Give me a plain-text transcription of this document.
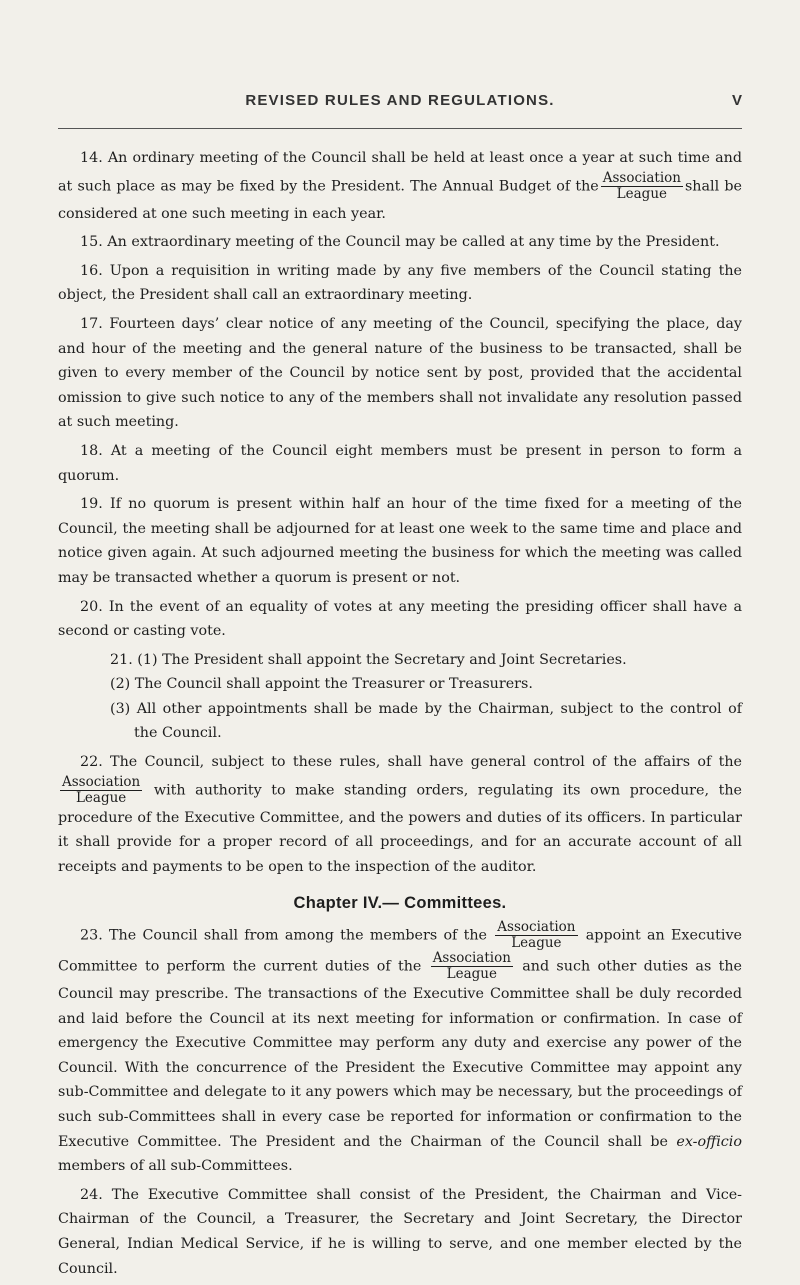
REVISED RULES AND REGULATIONS.	V

14. An ordinary meeting of the Council shall be held at least once a year at such time and at such place as may be fixed by the President. The Annual Budget of the $\frac{\text{Association}}{\text{League}}$ shall be considered at one such meeting in each year.

15. An extraordinary meeting of the Council may be called at any time by the President.

16. Upon a requisition in writing made by any five members of the Council stating the object, the President shall call an extraordinary meeting.

17. Fourteen days’ clear notice of any meeting of the Council, specifying the place, day and hour of the meeting and the general nature of the business to be transacted, shall be given to every member of the Council by notice sent by post, provided that the accidental omission to give such notice to any of the members shall not invalidate any resolution passed at such meeting.

18. At a meeting of the Council eight members must be present in person to form a quorum.

19. If no quorum is present within half an hour of the time fixed for a meeting of the Council, the meeting shall be adjourned for at least one week to the same time and place and notice given again. At such adjourned meeting the business for which the meeting was called may be transacted whether a quorum is present or not.

20. In the event of an equality of votes at any meeting the presiding officer shall have a second or casting vote.

21. (1) The President shall appoint the Secretary and Joint Secretaries.

(2) The Council shall appoint the Treasurer or Treasurers.

(3) All other appointments shall be made by the Chairman, subject to the control of the Council.

22. The Council, subject to these rules, shall have general control of the affairs of the
$\frac{\text{Association}}{\text{League}}$ with authority to make standing orders, regulating its own procedure, the procedure of the Executive Committee, and the powers and duties of its officers. In particular it shall provide for a proper record of all proceedings, and for an accurate account of all receipts and payments to be open to the inspection of the auditor.

Chapter IV.— Committees.

23. The Council shall from among the members of the $\frac{\text{Association}}{\text{League}}$ appoint an Executive Committee to perform the current duties of the $\frac{\text{Association}}{\text{League}}$ and such other duties as the Council may prescribe. The transactions of the Executive Committee shall be duly recorded and laid before the Council at its next meeting for information or confirmation. In case of emergency the Executive Committee may perform any duty and exercise any power of the Council. With the concurrence of the President the Executive Committee may appoint any sub-Committee and delegate to it any powers which may be necessary, but the proceedings of such sub-Committees shall in every case be reported for information or confirmation to the Executive Committee. The President and the Chairman of the Council shall be ex-officio members of all sub-Committees.

24. The Executive Committee shall consist of the President, the Chairman and Vice-Chairman of the Council, a Treasurer, the Secretary and Joint Secretary, the Director General, Indian Medical Service, if he is willing to serve, and one member elected by the Council.
